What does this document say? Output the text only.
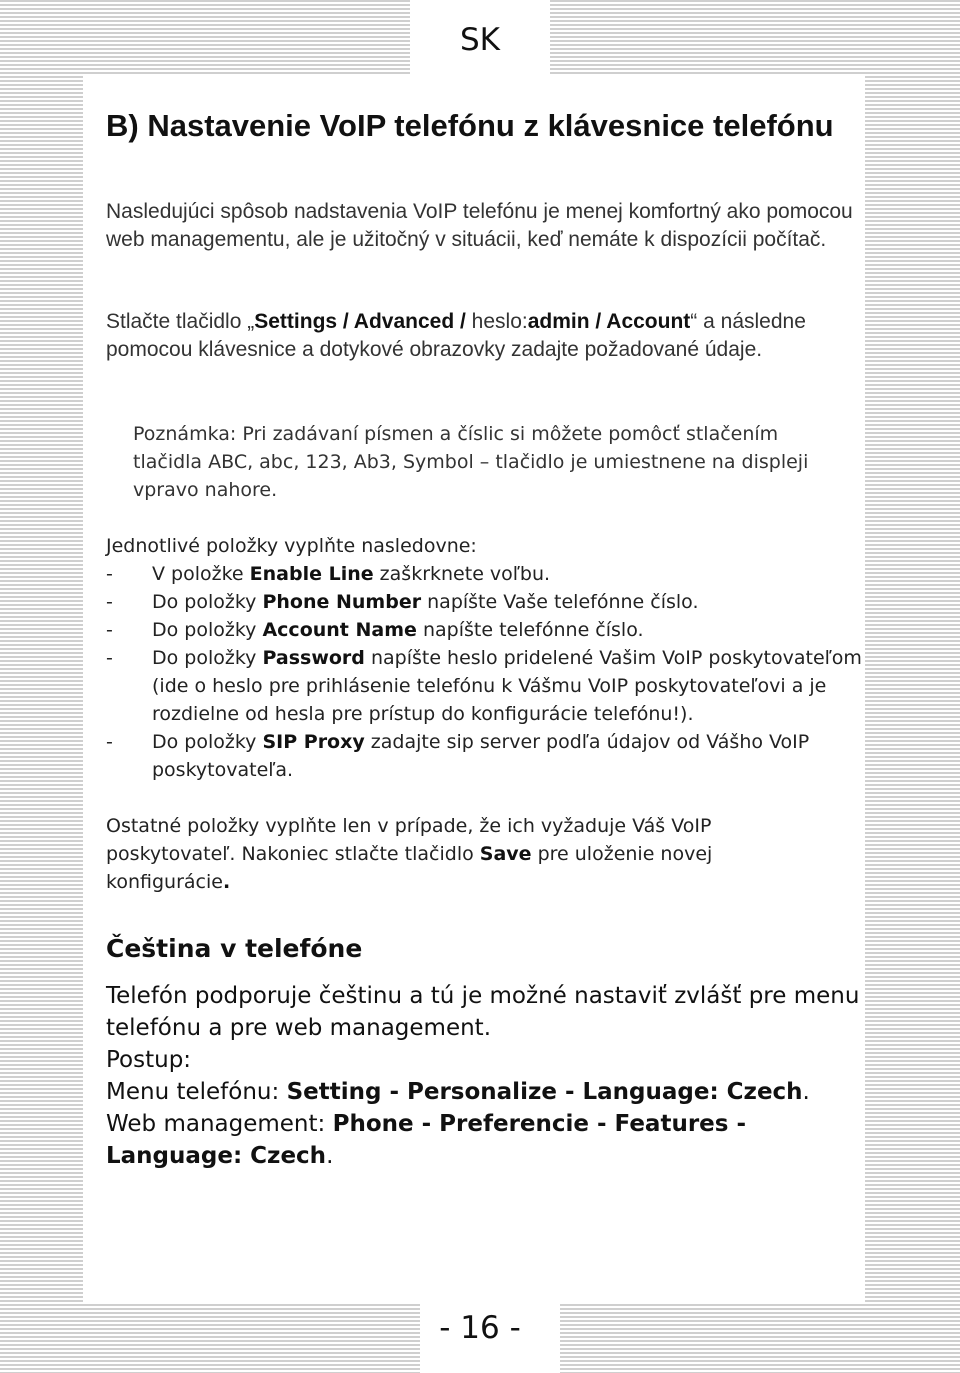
SK
B) Nastavenie VoIP telefónu z klávesnice telefónu
Nasledujúci spôsob nadstavenia VoIP telefónu je menej komfortný ako pomocou web managementu, ale je užitočný v situácii, keď nemáte k dispozícii počítač.
Stlačte tlačidlo „Settings / Advanced / heslo:admin / Account“ a následne pomocou klávesnice a dotykové obrazovky zadajte požadované údaje.
Poznámka: Pri zadávaní písmen a číslic si môžete pomôcť stlačením tlačidla ABC, abc, 123, Ab3, Symbol – tlačidlo je umiestnene na displeji vpravo nahore.
Jednotlivé položky vyplňte nasledovne:
- V položke Enable Line zaškrknete voľbu.
- Do položky Phone Number napíšte Vaše telefónne číslo.
- Do položky Account Name napíšte telefónne číslo.
- Do položky Password napíšte heslo pridelené Vašim VoIP poskytovateľom (ide o heslo pre prihlásenie telefónu k Vášmu VoIP poskytovateľovi a je rozdielne od hesla pre prístup do konfigurácie telefónu!).
- Do položky SIP Proxy zadajte sip server podľa údajov od Vášho VoIP poskytovateľa.
Ostatné položky vyplňte len v prípade, že ich vyžaduje Váš VoIP poskytovateľ. Nakoniec stlačte tlačidlo Save pre uloženie novej konfigurácie.
Čeština v telefóne
Telefón podporuje češtinu a tú je možné nastaviť zvlášť pre menu telefónu a pre web management.
Postup:
Menu telefónu: Setting - Personalize - Language: Czech.
Web management: Phone - Preferencie - Features - Language: Czech.
- 16 -
